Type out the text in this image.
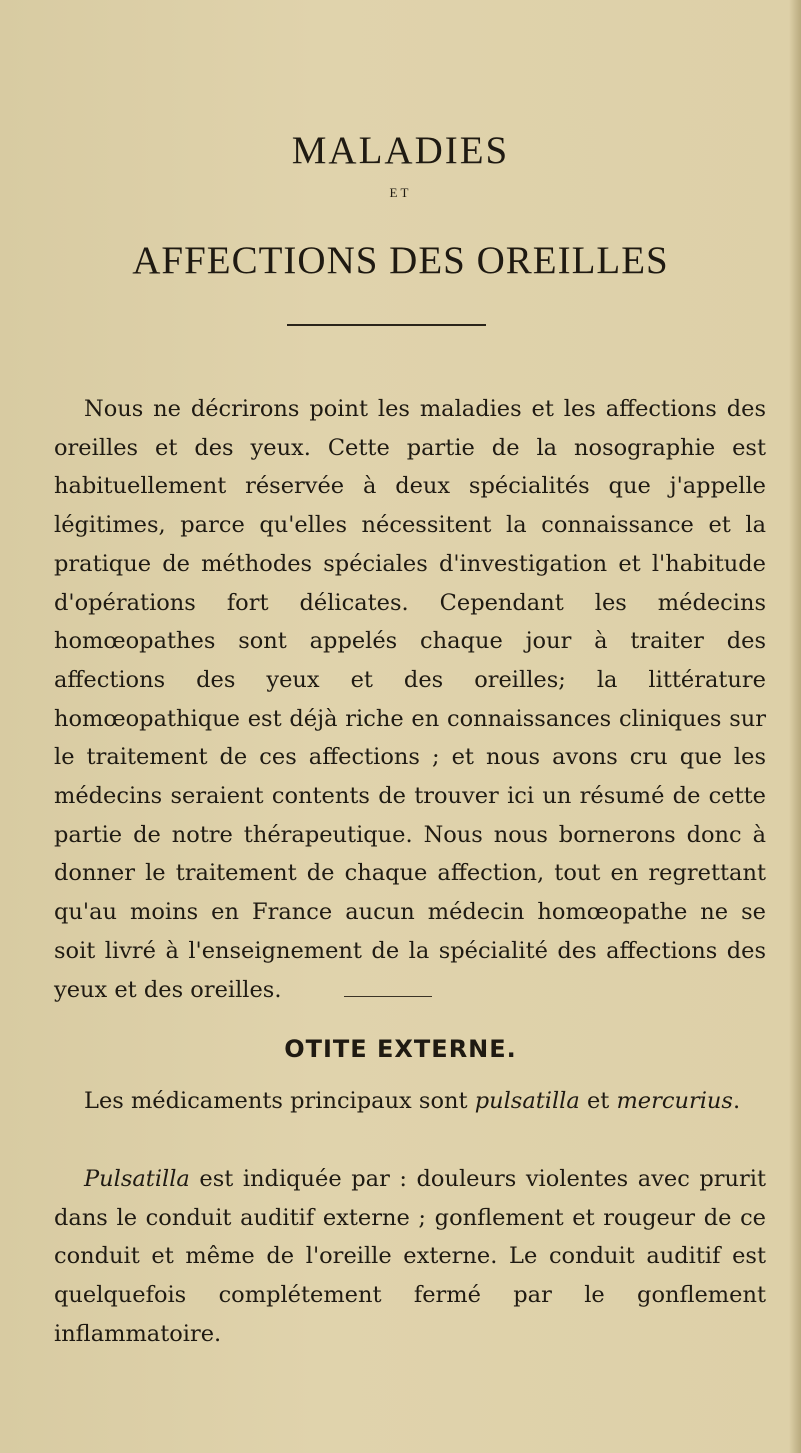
MALADIES
ET
AFFECTIONS DES OREILLES

Nous ne décrirons point les maladies et les affections des oreilles et des yeux. Cette partie de la nosographie est habituellement réservée à deux spécialités que j'appelle légitimes, parce qu'elles nécessitent la connaissance et la pratique de méthodes spéciales d'investigation et l'habitude d'opérations fort délicates. Cependant les médecins homœopathes sont appelés chaque jour à traiter des affections des yeux et des oreilles; la littérature homœopathique est déjà riche en connaissances cliniques sur le traitement de ces affections ; et nous avons cru que les médecins seraient contents de trouver ici un résumé de cette partie de notre thérapeutique. Nous nous bornerons donc à donner le traitement de chaque affection, tout en regrettant qu'au moins en France aucun médecin homœopathe ne se soit livré à l'enseignement de la spécialité des affections des yeux et des oreilles.

OTITE EXTERNE.

Les médicaments principaux sont pulsatilla et mercurius.

Pulsatilla est indiquée par : douleurs violentes avec prurit dans le conduit auditif externe ; gonflement et rougeur de ce conduit et même de l'oreille externe. Le conduit auditif est quelquefois complétement fermé par le gonflement inflammatoire.
